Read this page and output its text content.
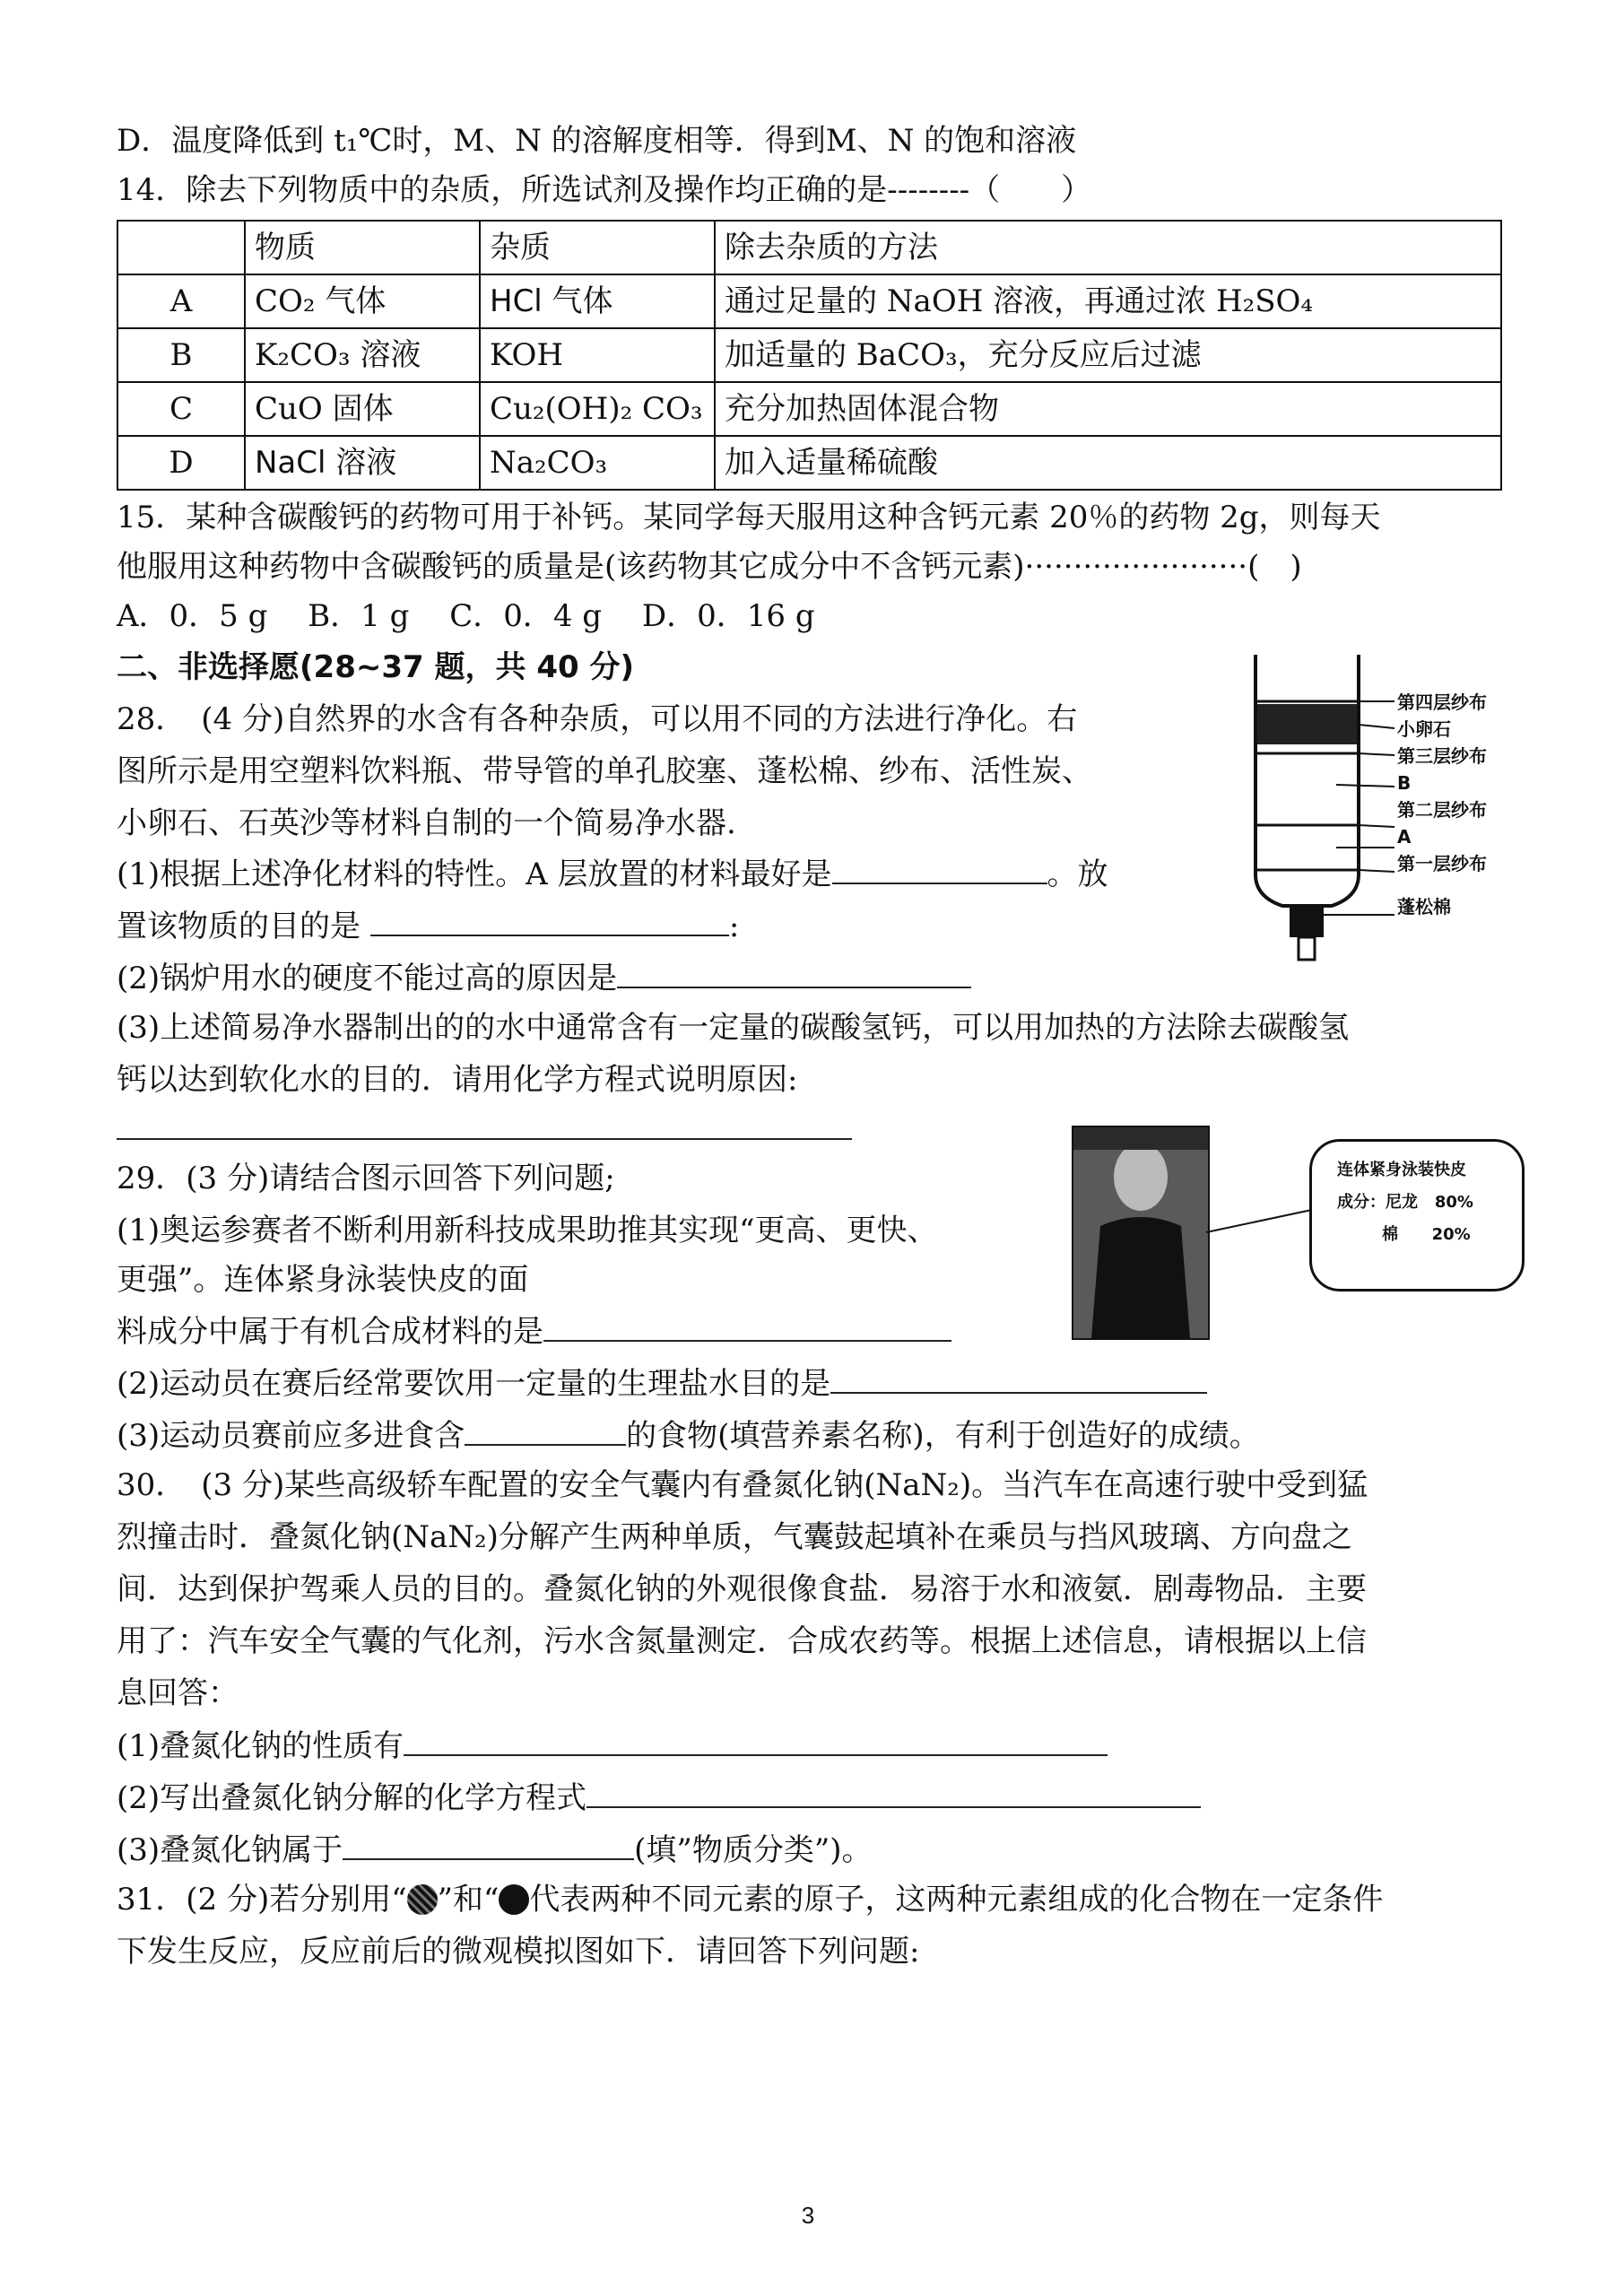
D．温度降低到 t₁℃时，M、N 的溶解度相等．得到M、N 的饱和溶液
14．除去下列物质中的杂质，所选试剂及操作均正确的是--------（　　）
	物质	杂质	除去杂质的方法
A	CO₂ 气体	HCl 气体	通过足量的 NaOH 溶液，再通过浓 H₂SO₄
B	K₂CO₃ 溶液	KOH	加适量的 BaCO₃，充分反应后过滤
C	CuO 固体	Cu₂(OH)₂ CO₃	充分加热固体混合物
D	NaCl 溶液	Na₂CO₃	加入适量稀硫酸
15．某种含碳酸钙的药物可用于补钙。某同学每天服用这种含钙元素 20％的药物 2g，则每天
他服用这种药物中含碳酸钙的质量是(该药物其它成分中不含钙元素)·······················(　)
A．0．5 g　 B．1 g　 C．0．4 g　 D．0．16 g
二、非选择愿(28~37 题，共 40 分)
28．　(4 分)自然界的水含有各种杂质，可以用不同的方法进行净化。右
图所示是用空塑料饮料瓶、带导管的单孔胶塞、蓬松棉、纱布、活性炭、
小卵石、石英沙等材料自制的一个简易净水器.
(1)根据上述净化材料的特性。A 层放置的材料最好是	。放
置该物质的目的是	:
(2)锅炉用水的硬度不能过高的原因是
(3)上述简易净水器制出的的水中通常含有一定量的碳酸氢钙，可以用加热的方法除去碳酸氢
钙以达到软化水的目的．请用化学方程式说明原因:
第四层纱布
小卵石
第三层纱布
B
第二层纱布
A
第一层纱布
蓬松棉
29．(3 分)请结合图示回答下列问题;
(1)奥运参赛者不断利用新科技成果助推其实现“更高、更快、
更强”。连体紧身泳装快皮的面
料成分中属于有机合成材料的是
(2)运动员在赛后经常要饮用一定量的生理盐水目的是
(3)运动员赛前应多进食含	的食物(填营养素名称)，有利于创造好的成绩。
连体紧身泳装快皮
成分：尼龙 80%
棉 20%
30．　(3 分)某些高级轿车配置的安全气囊内有叠氮化钠(NaN₂)。当汽车在高速行驶中受到猛
烈撞击时．叠氮化钠(NaN₂)分解产生两种单质，气囊鼓起填补在乘员与挡风玻璃、方向盘之
间．达到保护驾乘人员的目的。叠氮化钠的外观很像食盐．易溶于水和液氨．剧毒物品．主要
用了：汽车安全气囊的气化剂，污水含氮量测定．合成农药等。根据上述信息，请根据以上信
息回答：
(1)叠氮化钠的性质有
(2)写出叠氮化钠分解的化学方程式
(3)叠氮化钠属于	(填”物质分类”)。
31．(2 分)若分别用“ ”和“ 代表两种不同元素的原子，这两种元素组成的化合物在一定条件
下发生反应，反应前后的微观模拟图如下．请回答下列问题:
3
